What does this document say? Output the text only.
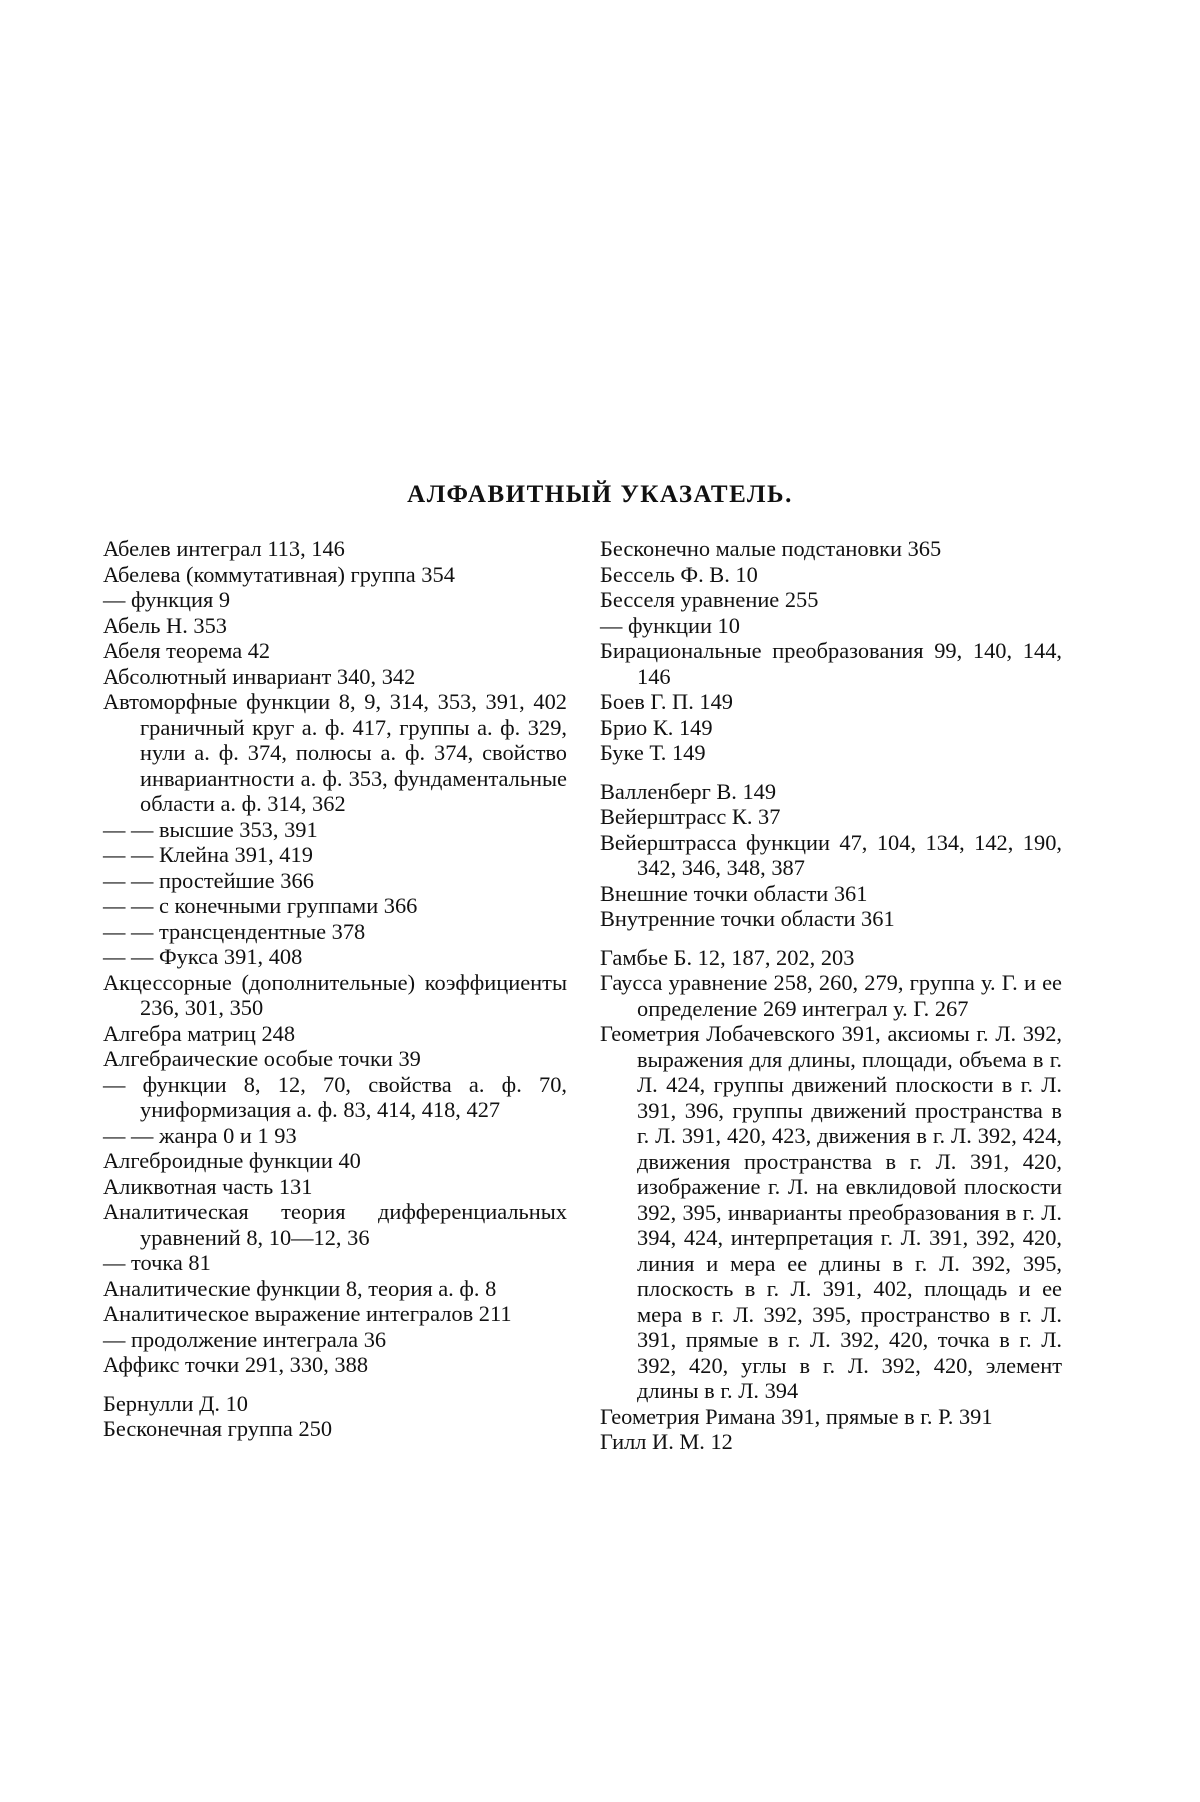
АЛФАВИТНЫЙ УКАЗАТЕЛЬ.

Абелев интеграл 113, 146

Абелева (коммутативная) группа 354

— функция 9

Абель Н. 353

Абеля теорема 42

Абсолютный инвариант 340, 342

Автоморфные функции 8, 9, 314, 353, 391, 402 граничный круг а. ф. 417, группы а. ф. 329, нули а. ф. 374, полюсы а. ф. 374, свойство инвариантности а. ф. 353, фундаментальные области а. ф. 314, 362

— — высшие 353, 391

— — Клейна 391, 419

— — простейшие 366

— — с конечными группами 366

— — трансцендентные 378

— — Фукса 391, 408

Акцессорные (дополнительные) коэффициенты 236, 301, 350

Алгебра матриц 248

Алгебраические особые точки 39

— функции 8, 12, 70, свойства а. ф. 70, униформизация а. ф. 83, 414, 418, 427

— — жанра 0 и 1 93

Алгеброидные функции 40

Аликвотная часть 131

Аналитическая теория дифференциальных уравнений 8, 10—12, 36

— точка 81

Аналитические функции 8, теория а. ф. 8

Аналитическое выражение интегралов 211

— продолжение интеграла 36

Аффикс точки 291, 330, 388

Бернулли Д. 10

Бесконечная группа 250

Бесконечно малые подстановки 365

Бессель Ф. В. 10

Бесселя уравнение 255

— функции 10

Бирациональные преобразования 99, 140, 144, 146

Боев Г. П. 149

Брио К. 149

Буке Т. 149

Валленберг В. 149

Вейерштрасс К. 37

Вейерштрасса функции 47, 104, 134, 142, 190, 342, 346, 348, 387

Внешние точки области 361

Внутренние точки области 361

Гамбье Б. 12, 187, 202, 203

Гаусса уравнение 258, 260, 279, группа у. Г. и ее определение 269 интеграл у. Г. 267

Геометрия Лобачевского 391, аксиомы г. Л. 392, выражения для длины, площади, объема в г. Л. 424, группы движений плоскости в г. Л. 391, 396, группы движений пространства в г. Л. 391, 420, 423, движения в г. Л. 392, 424, движения пространства в г. Л. 391, 420, изображение г. Л. на евклидовой плоскости 392, 395, инварианты преобразования в г. Л. 394, 424, интерпретация г. Л. 391, 392, 420, линия и мера ее длины в г. Л. 392, 395, плоскость в г. Л. 391, 402, площадь и ее мера в г. Л. 392, 395, пространство в г. Л. 391, прямые в г. Л. 392, 420, точка в г. Л. 392, 420, углы в г. Л. 392, 420, элемент длины в г. Л. 394

Геометрия Римана 391, прямые в г. Р. 391

Гилл И. М. 12
